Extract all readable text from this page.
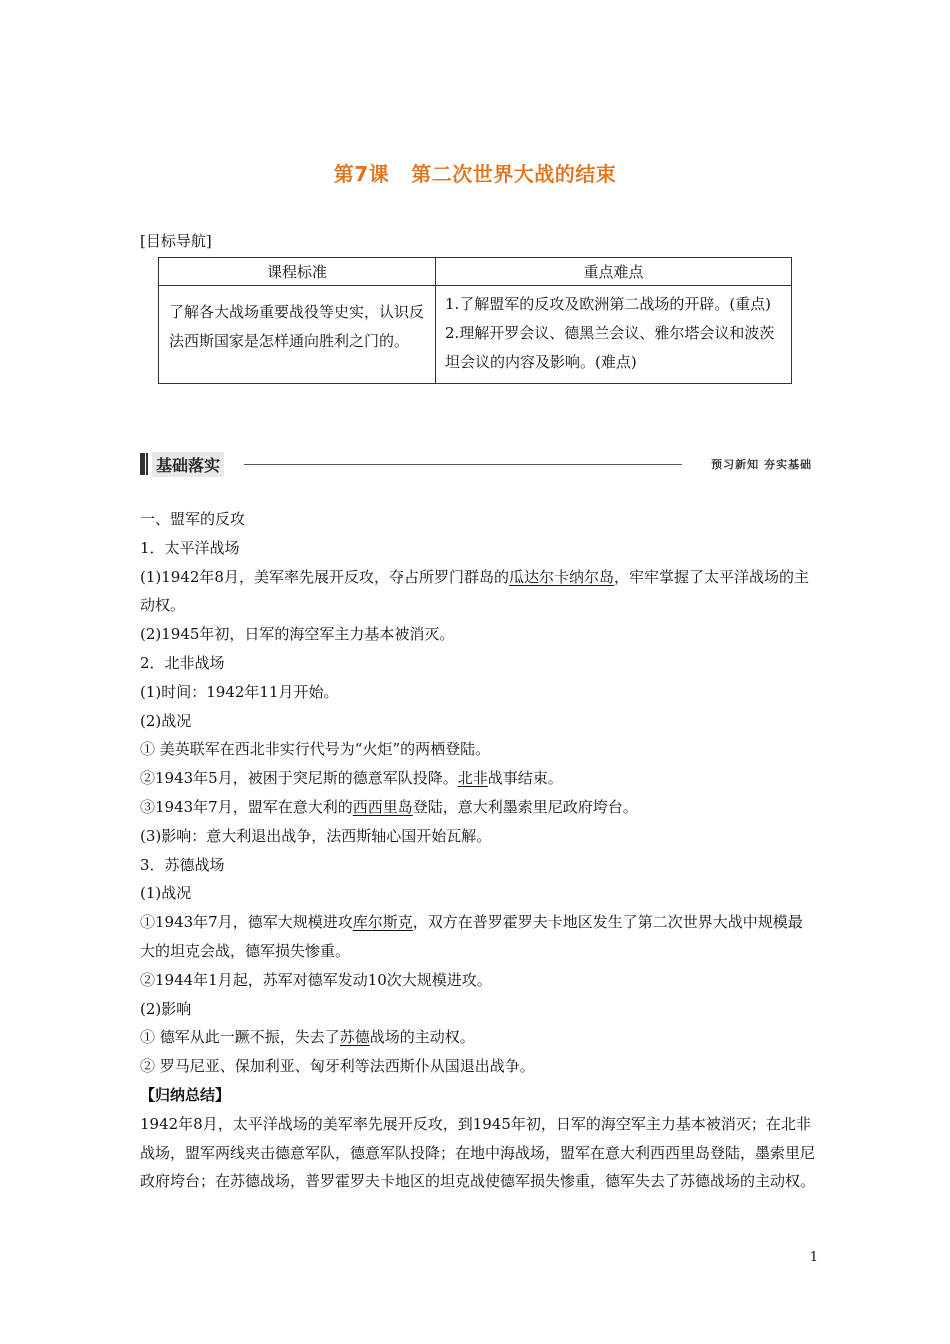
第7课 第二次世界大战的结束
[目标导航]
课程标准	重点难点
了解各大战场重要战役等史实，认识反法西斯国家是怎样通向胜利之门的。	1.了解盟军的反攻及欧洲第二战场的开辟。(重点)
2.理解开罗会议、德黑兰会议、雅尔塔会议和波茨坦会议的内容及影响。(难点)
基础落实	预习新知 夯实基础

一、盟军的反攻

1．太平洋战场

(1)1942年8月，美军率先展开反攻，夺占所罗门群岛的瓜达尔卡纳尔岛，牢牢掌握了太平洋战场的主动权。

(2)1945年初，日军的海空军主力基本被消灭。

2．北非战场

(1)时间：1942年11月开始。

(2)战况

① 美英联军在西北非实行代号为“火炬”的两栖登陆。

②1943年5月，被困于突尼斯的德意军队投降。北非战事结束。

③1943年7月，盟军在意大利的西西里岛登陆，意大利墨索里尼政府垮台。

(3)影响：意大利退出战争，法西斯轴心国开始瓦解。

3．苏德战场

(1)战况

①1943年7月，德军大规模进攻库尔斯克，双方在普罗霍罗夫卡地区发生了第二次世界大战中规模最大的坦克会战，德军损失惨重。

②1944年1月起，苏军对德军发动10次大规模进攻。

(2)影响

① 德军从此一蹶不振，失去了苏德战场的主动权。

② 罗马尼亚、保加利亚、匈牙利等法西斯仆从国退出战争。

【归纳总结】

1942年8月，太平洋战场的美军率先展开反攻，到1945年初，日军的海空军主力基本被消灭；在北非战场，盟军两线夹击德意军队，德意军队投降；在地中海战场，盟军在意大利西西里岛登陆，墨索里尼政府垮台；在苏德战场，普罗霍罗夫卡地区的坦克战使德军损失惨重，德军失去了苏德战场的主动权。

1
